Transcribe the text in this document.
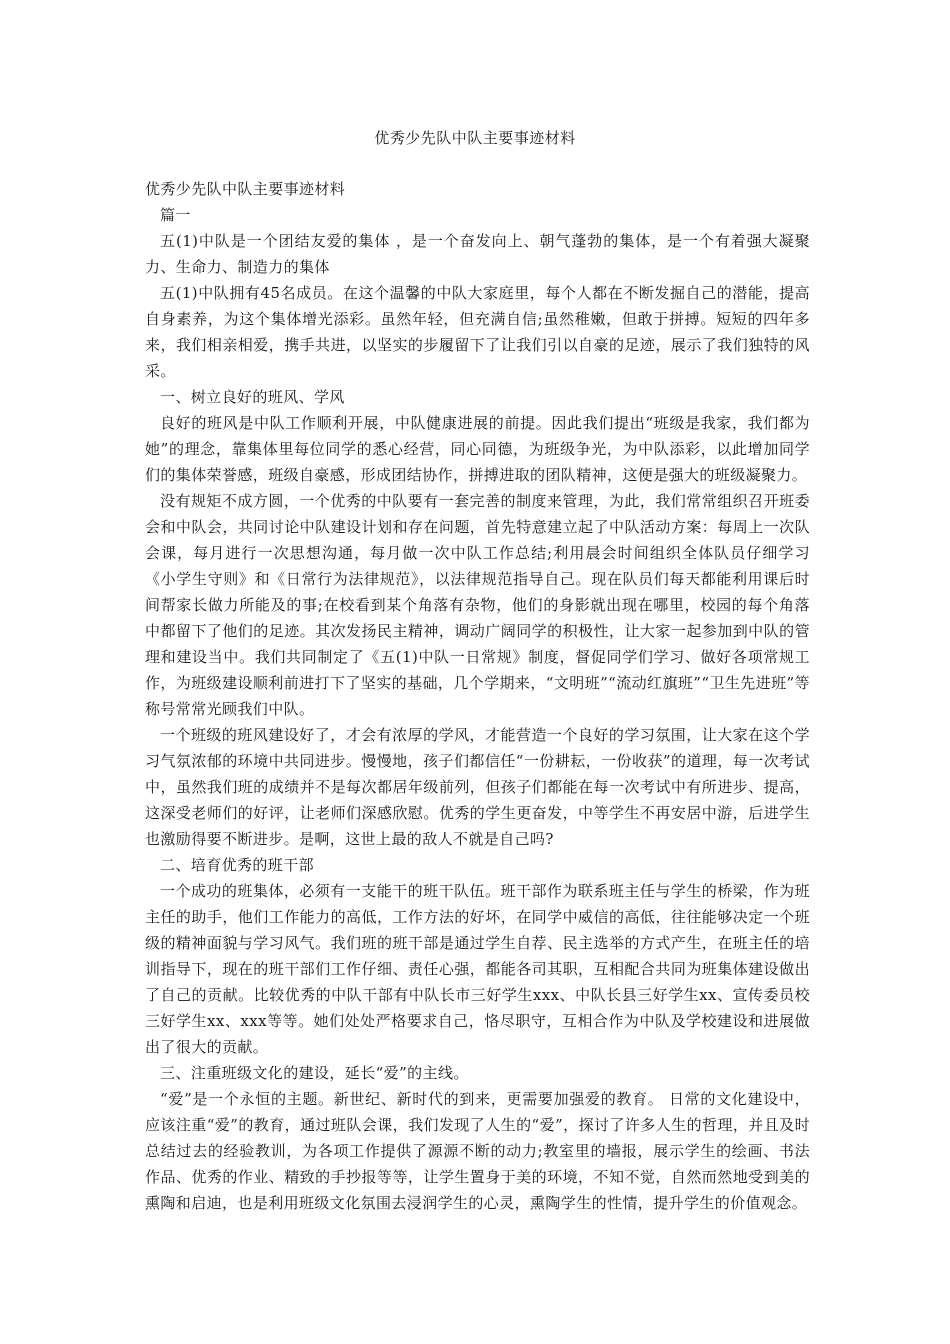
优秀少先队中队主要事迹材料

优秀少先队中队主要事迹材料

篇一

五(1)中队是一个团结友爱的集体 ，是一个奋发向上、朝气蓬勃的集体，是一个有着强大凝聚力、生命力、制造力的集体

五(1)中队拥有45名成员。在这个温馨的中队大家庭里，每个人都在不断发掘自己的潜能，提高自身素养，为这个集体增光添彩。虽然年轻，但充满自信;虽然稚嫩，但敢于拼搏。短短的四年多来，我们相亲相爱，携手共进，以坚实的步履留下了让我们引以自豪的足迹，展示了我们独特的风采。

一、树立良好的班风、学风

良好的班风是中队工作顺利开展，中队健康进展的前提。因此我们提出“班级是我家，我们都为她”的理念，靠集体里每位同学的悉心经营，同心同德，为班级争光，为中队添彩，以此增加同学们的集体荣誉感，班级自豪感，形成团结协作，拼搏进取的团队精神，这便是强大的班级凝聚力。

没有规矩不成方圆，一个优秀的中队要有一套完善的制度来管理，为此，我们常常组织召开班委会和中队会，共同讨论中队建设计划和存在问题，首先特意建立起了中队活动方案：每周上一次队会课，每月进行一次思想沟通，每月做一次中队工作总结;利用晨会时间组织全体队员仔细学习《小学生守则》和《日常行为法律规范》，以法律规范指导自己。现在队员们每天都能利用课后时间帮家长做力所能及的事;在校看到某个角落有杂物，他们的身影就出现在哪里，校园的每个角落中都留下了他们的足迹。其次发扬民主精神，调动广阔同学的积极性，让大家一起参加到中队的管理和建设当中。我们共同制定了《五(1)中队一日常规》制度，督促同学们学习、做好各项常规工作，为班级建设顺利前进打下了坚实的基础，几个学期来，“文明班”“流动红旗班”“卫生先进班”等称号常常光顾我们中队。

一个班级的班风建设好了，才会有浓厚的学风，才能营造一个良好的学习氛围，让大家在这个学习气氛浓郁的环境中共同进步。慢慢地，孩子们都信任“一份耕耘，一份收获”的道理，每一次考试中，虽然我们班的成绩并不是每次都居年级前列，但孩子们都能在每一次考试中有所进步、提高，这深受老师们的好评，让老师们深感欣慰。优秀的学生更奋发，中等学生不再安居中游，后进学生也激励得要不断进步。是啊，这世上最的敌人不就是自己吗?

二、培育优秀的班干部

一个成功的班集体，必须有一支能干的班干队伍。班干部作为联系班主任与学生的桥梁，作为班主任的助手，他们工作能力的高低，工作方法的好坏，在同学中威信的高低，往往能够决定一个班级的精神面貌与学习风气。我们班的班干部是通过学生自荐、民主选举的方式产生，在班主任的培训指导下，现在的班干部们工作仔细、责任心强，都能各司其职，互相配合共同为班集体建设做出了自己的贡献。比较优秀的中队干部有中队长市三好学生xxx、中队长县三好学生xx、宣传委员校三好学生xx、xxx等等。她们处处严格要求自己，恪尽职守，互相合作为中队及学校建设和进展做出了很大的贡献。

三、注重班级文化的建设，延长“爱”的主线。

“爱”是一个永恒的主题。新世纪、新时代的到来，更需要加强爱的教育。 日常的文化建设中，应该注重“爱”的教育，通过班队会课，我们发现了人生的“爱”，探讨了许多人生的哲理，并且及时总结过去的经验教训，为各项工作提供了源源不断的动力;教室里的墙报，展示学生的绘画、书法作品、优秀的作业、精致的手抄报等等，让学生置身于美的环境，不知不觉，自然而然地受到美的熏陶和启迪，也是利用班级文化氛围去浸润学生的心灵，熏陶学生的性情，提升学生的价值观念。
